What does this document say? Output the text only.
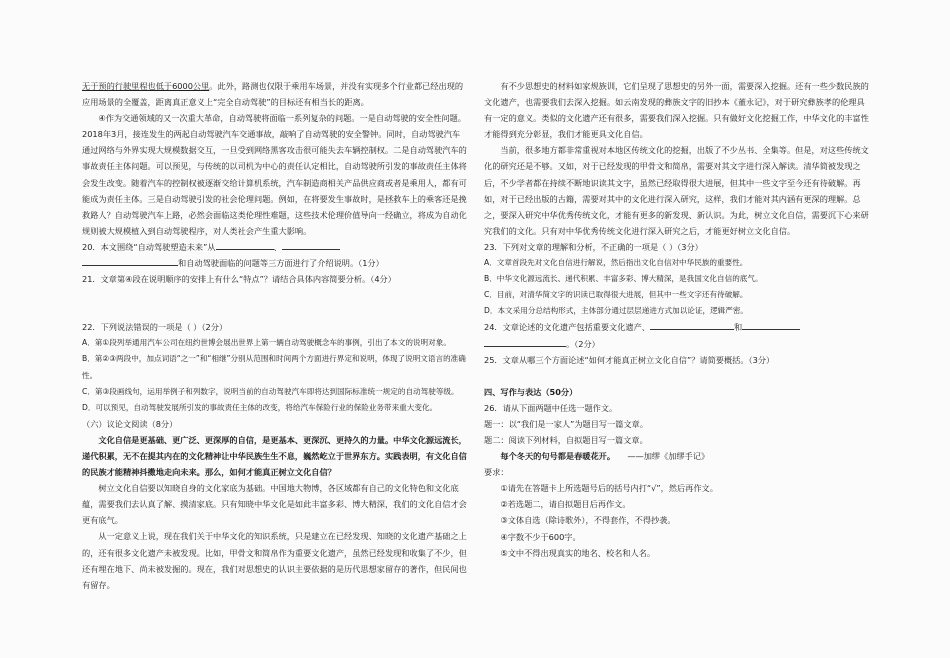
无于预的行驶里程也低于6000公里。此外，路测也仅限于乘用车场景，并没有实现多个行业都已经出现的应用场景的全覆盖，距离真正意义上“完全自动驾驶”的目标还有相当长的距离。

④作为交通领域的又一次重大革命，自动驾驶将面临一系列复杂的问题。一是自动驾驶的安全性问题。2018年3月，接连发生的两起自动驾驶汽车交通事故，敲响了自动驾驶的安全警钟。同时，自动驾驶汽车通过网络与外界实现大规模数据交互，一旦受到网络黑客攻击很可能失去车辆控制权。二是自动驾驶汽车的事故责任主体问题。可以预见，与传统的以司机为中心的责任认定相比，自动驾驶所引发的事故责任主体将会发生改变。随着汽车的控制权被逐渐交给计算机系统，汽车制造商相关产品供应商或者是乘用人，都有可能成为责任主体。三是自动驾驶引发的社会伦理问题。例如，在将要发生事故时，是拯救车上的乘客还是挽救路人？自动驾驶汽车上路，必然会面临这类伦理性难题，这些技术伦理价值导向一经确立，将成为自动化规则被大规模植入到自动驾驶程序，对人类社会产生重大影响。

20．本文围绕“自动驾驶塑造未来”从	、

和自动驾驶面临的问题等三方面进行了介绍说明。（1分）

21．文章第④段在说明顺序的安排上有什么“特点”？请结合具体内容简要分析。（4分）

22．下列说法错误的一项是（ ）（2分）

A．第①段列举通用汽车公司在纽约世博会展出世界上第一辆自动驾驶概念车的事例，引出了本文的说明对象。

B．第②③两段中，加点词语“之一”和“相继”分别从范围和时间两个方面进行界定和说明，体现了说明文语言的准确性。

C．第③段画线句，运用举例子和列数字，说明当前的自动驾驶汽车即将达到国际标准统一规定的自动驾驶等级。

D．可以预见，自动驾驶发展所引发的事故责任主体的改变，将给汽车保险行业的保险业务带来重大变化。

（六）议论文阅读（8分）

文化自信是更基础、更广泛、更深厚的自信，是更基本、更深沉、更持久的力量。中华文化源远流长，递代积累，无不在提其内在的文化精神让中华民族生生不息，巍然屹立于世界东方。实践表明，有文化自信的民族才能精神抖擞地走向未来。那么，如何才能真正树立文化自信？

树立文化自信要以知晓自身的文化家底为基础。中国地大物博，各区域都有自己的文化特色和文化底蕴，需要我们去认真了解、摸清家底。只有知晓中华文化是如此丰富多彩、博大精深，我们的文化自信才会更有底气。

从一定意义上说，现在我们关于中华文化的知识系统，只是建立在已经发现、知晓的文化遗产基础之上的，还有很多文化遗产未被发现。比如，甲骨文和简帛作为重要文化遗产，虽然已经发现和收集了不少，但还有埋在地下、尚未被发掘的。现在，我们对思想史的认识主要依据的是历代思想家留存的著作，但民间也有留存。

有不少思想史的材料如家规族训，它们呈现了思想史的另外一面，需要深入挖掘。还有一些少数民族的文化遗产，也需要我们去深入挖掘。如云南发现的彝族文字的旧抄本《董永记》，对于研究彝族孝的伦理具有一定的意义。类似的文化遗产还有很多，需要我们深入挖掘。只有做好文化挖掘工作，中华文化的丰富性才能得到充分彰显，我们才能更具文化自信。

当前，很多地方都非常重视对本地区传统文化的挖掘，出版了不少丛书、全集等。但是，对这些传统文化的研究还是不够。又如，对于已经发现的甲骨文和简帛，需要对其文字进行深入解读。清华简被发现之后，不少学者都在持续不断地识读其文字，虽然已经取得很大进展，但其中一些文字至今还有待破解。再如，对于已经出版的古籍，需要对其中的文化进行深入研究，这样，我们才能对其内涵有更深的理解。总之，要深入研究中华优秀传统文化，才能有更多的新发现、新认识。为此，树立文化自信，需要沉下心来研究我们的文化。只有对中华优秀传统文化进行深入研究之后，才能更好树立文化自信。

23．下列对文章的理解和分析，不正确的一项是（ ）（3分）

A．文章首段先对文化自信进行解说，然后指出文化自信对中华民族的重要性。

B．中华文化源远流长、递代积累、丰富多彩、博大精深，是我国文化自信的底气。

C．目前，对清华简文字的识读已取得很大进展，但其中一些文字还有待破解。

D．本文采用分总结构形式，主体部分通过层层递进方式加以论证，逻辑严密。

24．文章论述的文化遗产包括重要文化遗产、	和

。（2分）

25．文章从哪三个方面论述“如何才能真正树立文化自信”？请简要概括。（3分）

四、写作与表达（50分）

26．请从下面两题中任选一题作文。

题一：以“我们是一家人”为题目写一篇文章。

题二：阅读下列材料，自拟题目写一篇文章。

每个冬天的句号都是春暖花开。　　 ——加缪《加缪手记》

要求：

①请先在答题卡上所选题号后的括号内打“√”，然后再作文。

②若选题二，请自拟题目后再作文。

③文体自选（除诗歌外），不得套作，不得抄袭。

④字数不少于600字。

⑤文中不得出现真实的地名、校名和人名。
